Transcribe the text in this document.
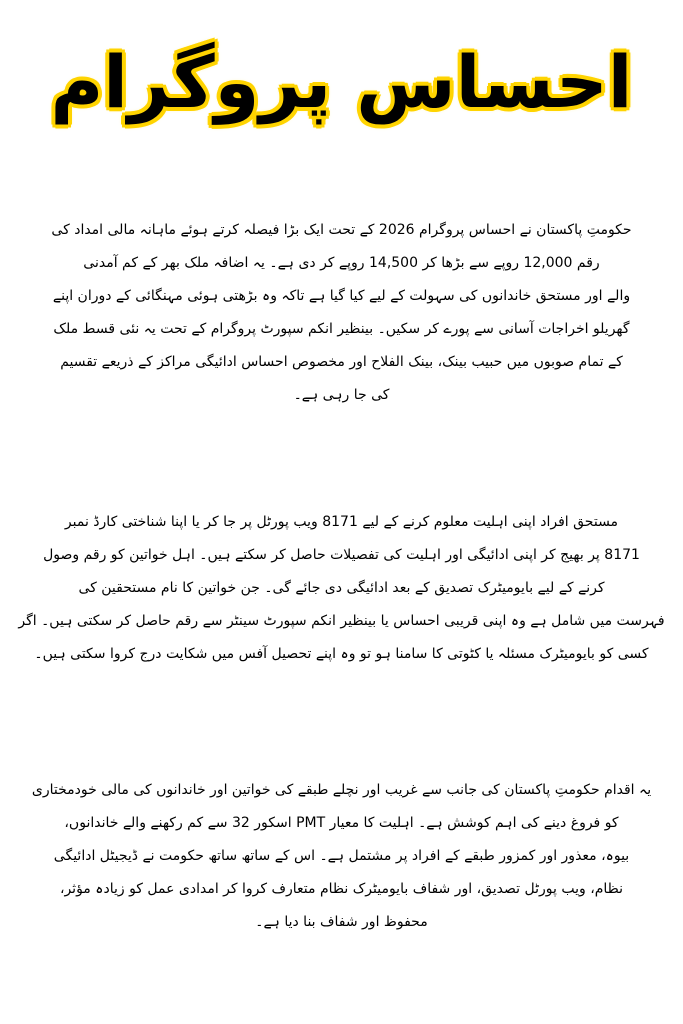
احساس پروگرام
حکومتِ پاکستان نے احساس پروگرام 2026 کے تحت ایک بڑا فیصلہ کرتے ہوئے ماہانہ مالی امداد کی
رقم 12,000 روپے سے بڑھا کر 14,500 روپے کر دی ہے۔ یہ اضافہ ملک بھر کے کم آمدنی
والے اور مستحق خاندانوں کی سہولت کے لیے کیا گیا ہے تاکہ وہ بڑھتی ہوئی مہنگائی کے دوران اپنے
گھریلو اخراجات آسانی سے پورے کر سکیں۔ بینظیر انکم سپورٹ پروگرام کے تحت یہ نئی قسط ملک
کے تمام صوبوں میں حبیب بینک، بینک الفلاح اور مخصوص احساس ادائیگی مراکز کے ذریعے تقسیم
کی جا رہی ہے۔
مستحق افراد اپنی اہلیت معلوم کرنے کے لیے 8171 ویب پورٹل پر جا کر یا اپنا شناختی کارڈ نمبر
8171 پر بھیج کر اپنی ادائیگی اور اہلیت کی تفصیلات حاصل کر سکتے ہیں۔ اہل خواتین کو رقم وصول
کرنے کے لیے بایومیٹرک تصدیق کے بعد ادائیگی دی جائے گی۔ جن خواتین کا نام مستحقین کی
فہرست میں شامل ہے وہ اپنی قریبی احساس یا بینظیر انکم سپورٹ سینٹر سے رقم حاصل کر سکتی ہیں۔ اگر
کسی کو بایومیٹرک مسئلہ یا کٹوتی کا سامنا ہو تو وہ اپنے تحصیل آفس میں شکایت درج کروا سکتی ہیں۔
یہ اقدام حکومتِ پاکستان کی جانب سے غریب اور نچلے طبقے کی خواتین اور خاندانوں کی مالی خودمختاری
کو فروغ دینے کی اہم کوشش ہے۔ اہلیت کا معیار PMT اسکور 32 سے کم رکھنے والے خاندانوں،
بیوہ، معذور اور کمزور طبقے کے افراد پر مشتمل ہے۔ اس کے ساتھ ساتھ حکومت نے ڈیجیٹل ادائیگی
نظام، ویب پورٹل تصدیق، اور شفاف بایومیٹرک نظام متعارف کروا کر امدادی عمل کو زیادہ مؤثر،
محفوظ اور شفاف بنا دیا ہے۔
